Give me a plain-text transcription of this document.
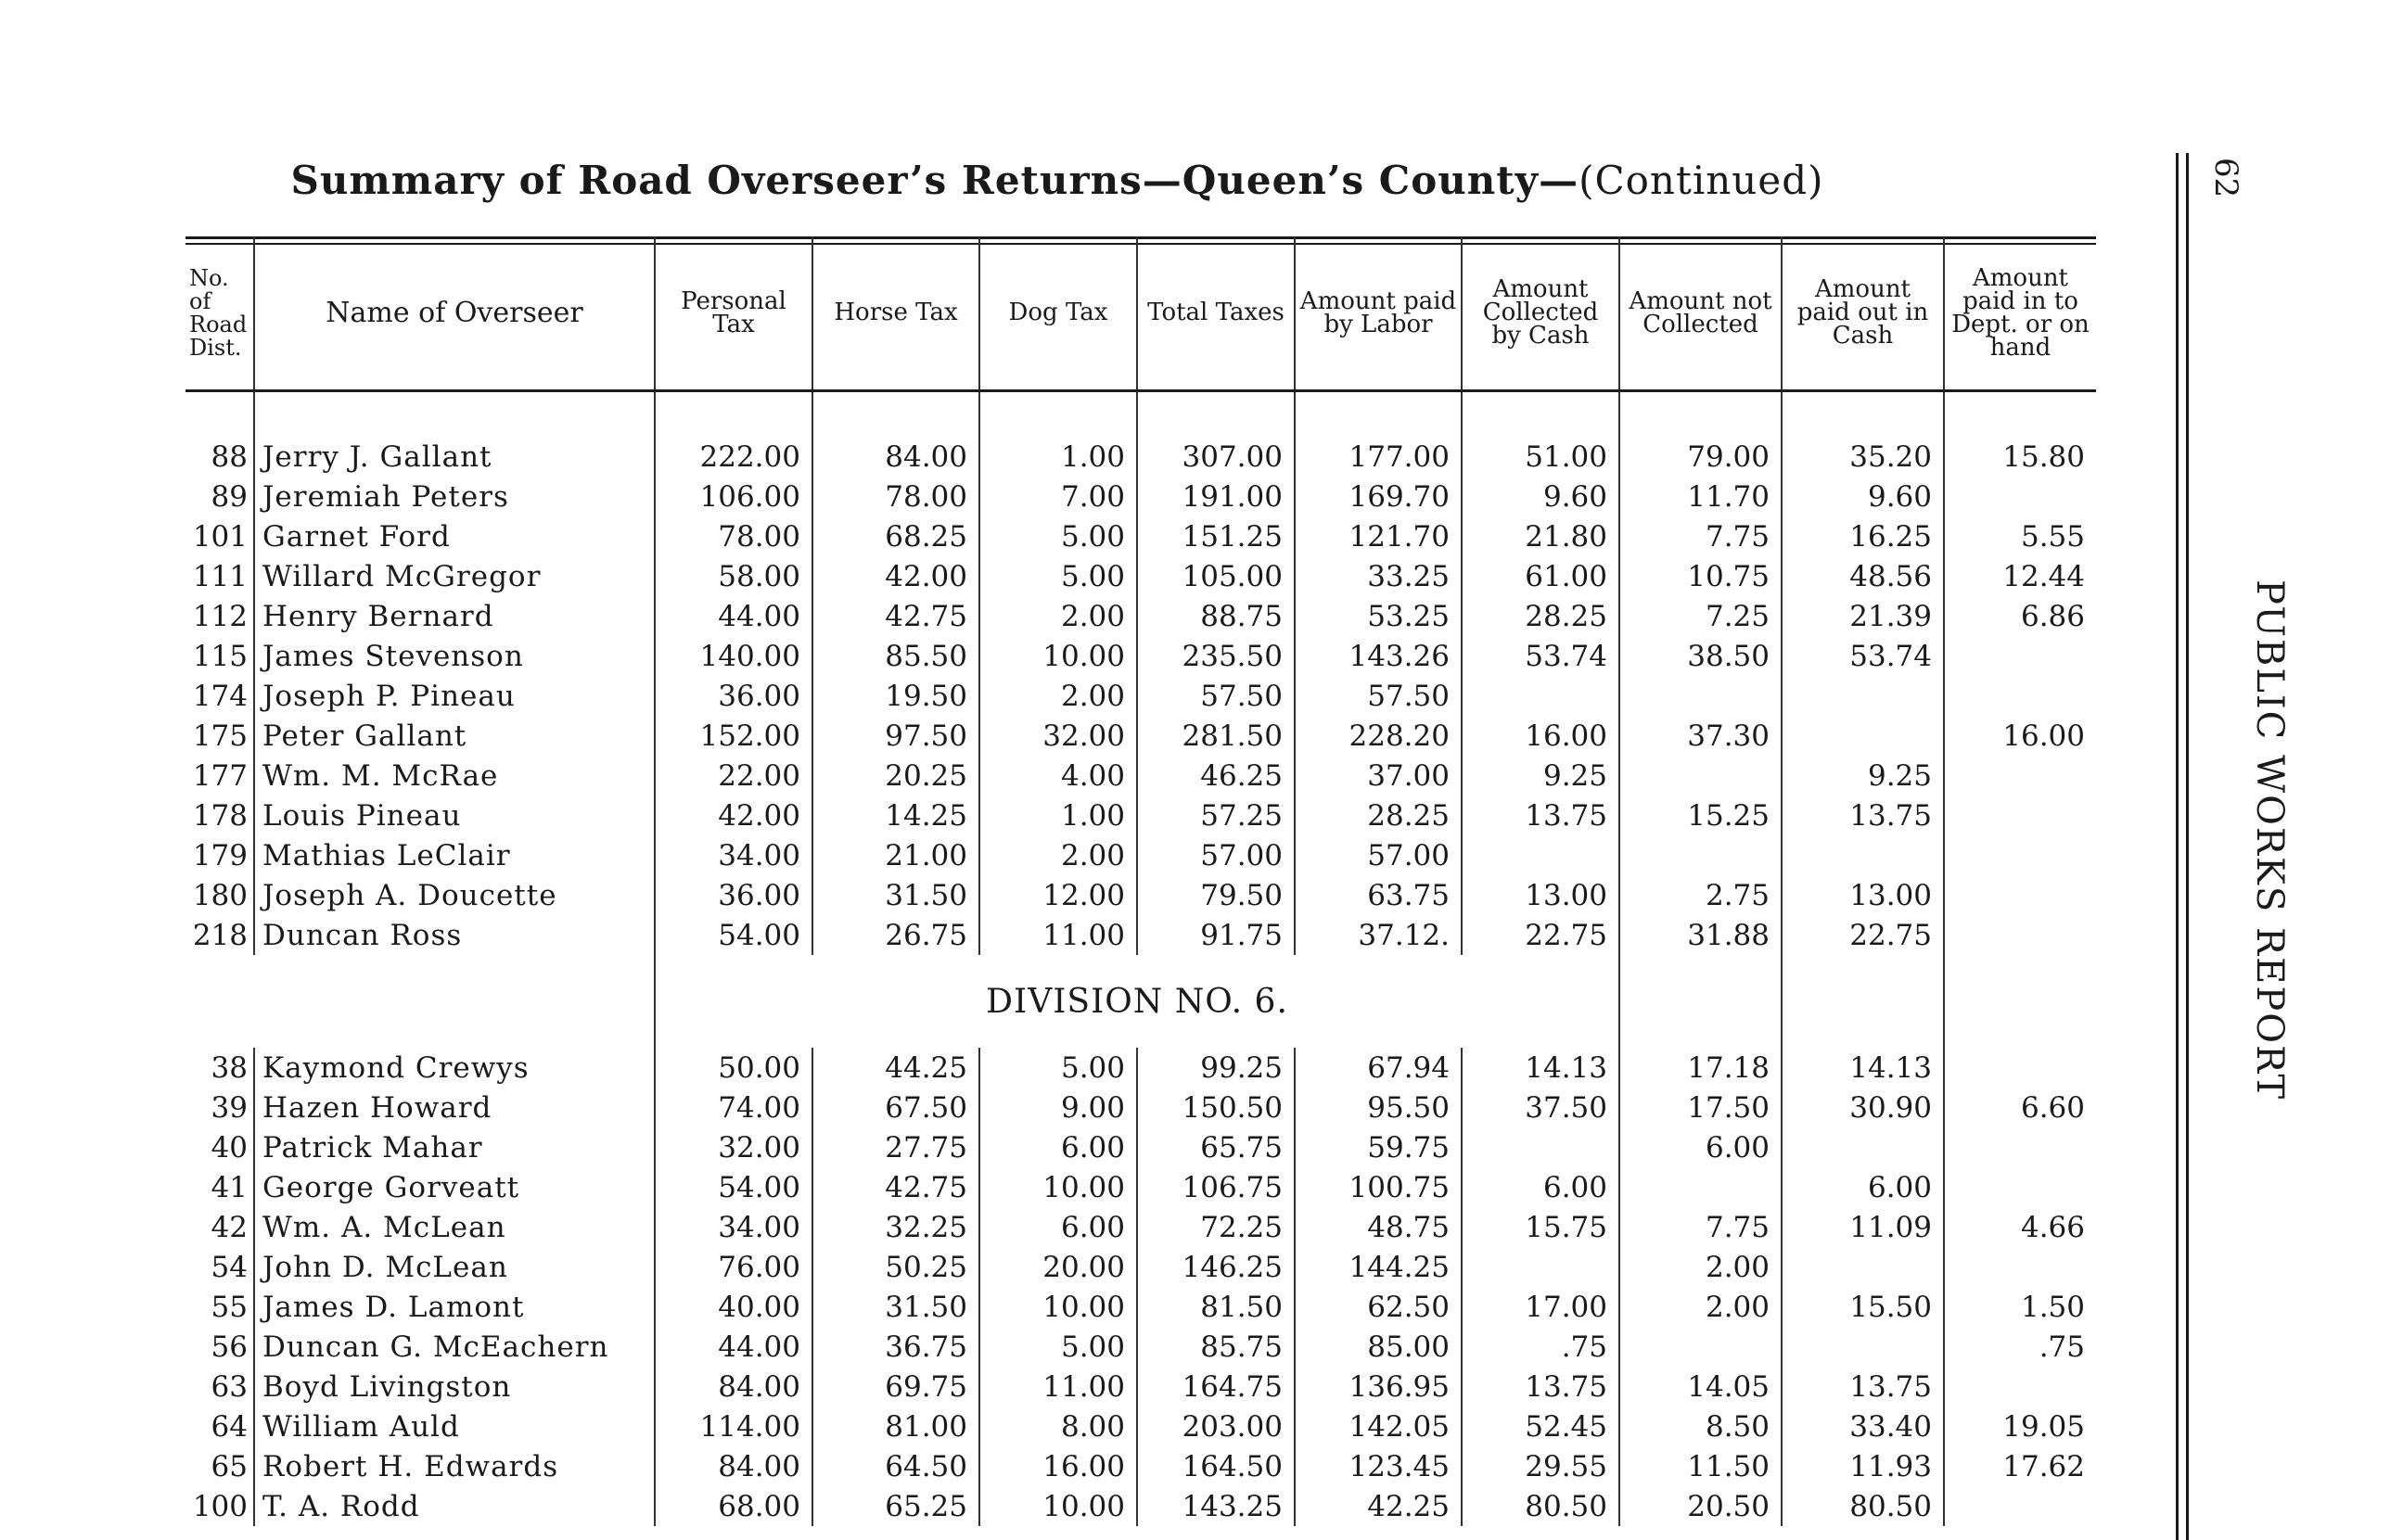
Summary of Road Overseer’s Returns—Queen’s County—(Continued)
No. of Road Dist.	Name of Overseer	Personal Tax	Horse Tax	Dog Tax	Total Taxes	Amount paid by Labor	Amount Collected by Cash	Amount not Collected	Amount paid out in Cash	Amount paid in to Dept. or on hand

88	Jerry J. Gallant	222.00	84.00	1.00	307.00	177.00	51.00	79.00	35.20	15.80
89	Jeremiah Peters	106.00	78.00	7.00	191.00	169.70	9.60	11.70	9.60	
101	Garnet Ford	78.00	68.25	5.00	151.25	121.70	21.80	7.75	16.25	5.55
111	Willard McGregor	58.00	42.00	5.00	105.00	33.25	61.00	10.75	48.56	12.44
112	Henry Bernard	44.00	42.75	2.00	88.75	53.25	28.25	7.25	21.39	6.86
115	James Stevenson	140.00	85.50	10.00	235.50	143.26	53.74	38.50	53.74	
174	Joseph P. Pineau	36.00	19.50	2.00	57.50	57.50				
175	Peter Gallant	152.00	97.50	32.00	281.50	228.20	16.00	37.30		16.00
177	Wm. M. McRae	22.00	20.25	4.00	46.25	37.00	9.25		9.25	
178	Louis Pineau	42.00	14.25	1.00	57.25	28.25	13.75	15.25	13.75	
179	Mathias LeClair	34.00	21.00	2.00	57.00	57.00				
180	Joseph A. Doucette	36.00	31.50	12.00	79.50	63.75	13.00	2.75	13.00	
218	Duncan Ross	54.00	26.75	11.00	91.75	37.12.	22.75	31.88	22.75	
		DIVISION NO. 6.								
38	Kaymond Crewys	50.00	44.25	5.00	99.25	67.94	14.13	17.18	14.13	
39	Hazen Howard	74.00	67.50	9.00	150.50	95.50	37.50	17.50	30.90	6.60
40	Patrick Mahar	32.00	27.75	6.00	65.75	59.75		6.00		
41	George Gorveatt	54.00	42.75	10.00	106.75	100.75	6.00		6.00	
42	Wm. A. McLean	34.00	32.25	6.00	72.25	48.75	15.75	7.75	11.09	4.66
54	John D. McLean	76.00	50.25	20.00	146.25	144.25		2.00		
55	James D. Lamont	40.00	31.50	10.00	81.50	62.50	17.00	2.00	15.50	1.50
56	Duncan G. McEachern	44.00	36.75	5.00	85.75	85.00	.75			.75
63	Boyd Livingston	84.00	69.75	11.00	164.75	136.95	13.75	14.05	13.75	
64	William Auld	114.00	81.00	8.00	203.00	142.05	52.45	8.50	33.40	19.05
65	Robert H. Edwards	84.00	64.50	16.00	164.50	123.45	29.55	11.50	11.93	17.62
100	T. A. Rodd	68.00	65.25	10.00	143.25	42.25	80.50	20.50	80.50	
62
PUBLIC WORKS REPORT
